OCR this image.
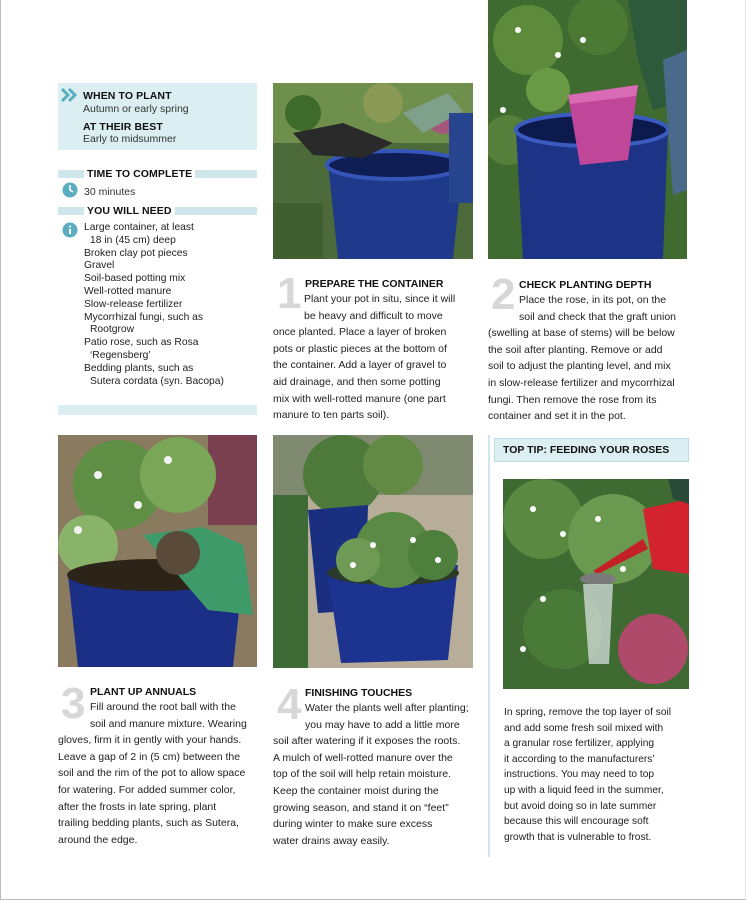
WHEN TO PLANT
Autumn or early spring
AT THEIR BEST
Early to midsummer
TIME TO COMPLETE
30 minutes
YOU WILL NEED
Large container, at least
18 in (45 cm) deep
Broken clay pot pieces
Gravel
Soil-based potting mix
Well-rotted manure
Slow-release fertilizer
Mycorrhizal fungi, such as
Rootgrow
Patio rose, such as Rosa
‘Regensberg’
Bedding plants, such as
Sutera cordata (syn. Bacopa)
1 PREPARE THE CONTAINER
Plant your pot in situ, since it will
be heavy and difficult to move
once planted. Place a layer of broken
pots or plastic pieces at the bottom of
the container. Add a layer of gravel to
aid drainage, and then some potting
mix with well-rotted manure (one part
manure to ten parts soil).
2 CHECK PLANTING DEPTH
Place the rose, in its pot, on the
soil and check that the graft union
(swelling at base of stems) will be below
the soil after planting. Remove or add
soil to adjust the planting level, and mix
in slow-release fertilizer and mycorrhizal
fungi. Then remove the rose from its
container and set it in the pot.
TOP TIP: FEEDING YOUR ROSES
In spring, remove the top layer of soil
and add some fresh soil mixed with
a granular rose fertilizer, applying
it according to the manufacturers’
instructions. You may need to top
up with a liquid feed in the summer,
but avoid doing so in late summer
because this will encourage soft
growth that is vulnerable to frost.
3 PLANT UP ANNUALS
Fill around the root ball with the
soil and manure mixture. Wearing
gloves, firm it in gently with your hands.
Leave a gap of 2 in (5 cm) between the
soil and the rim of the pot to allow space
for watering. For added summer color,
after the frosts in late spring, plant
trailing bedding plants, such as Sutera,
around the edge.
4 FINISHING TOUCHES
Water the plants well after planting;
you may have to add a little more
soil after watering if it exposes the roots.
A mulch of well-rotted manure over the
top of the soil will help retain moisture.
Keep the container moist during the
growing season, and stand it on “feet”
during winter to make sure excess
water drains away easily.
